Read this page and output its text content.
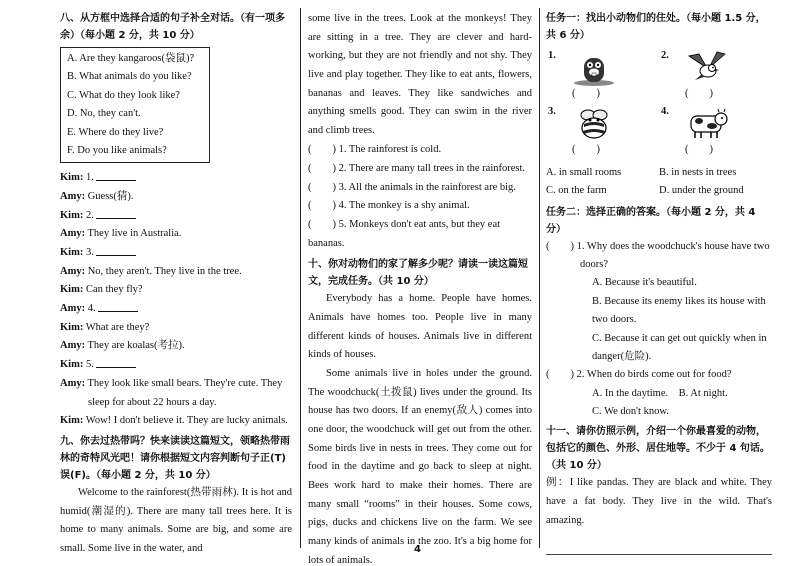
八、从方框中选择合适的句子补全对话。（有一项多余）（每小题 2 分，共 10 分）

A. Are they kangaroos(袋鼠)?

B. What animals do you like?

C. What do they look like?

D. No, they can't.

E. Where do they live?

F. Do you like animals?

Kim: 1.

Amy: Guess(猜).

Kim: 2.

Amy: They live in Australia.

Kim: 3.

Amy: No, they aren't. They live in the tree.

Kim: Can they fly?

Amy: 4.

Kim: What are they?

Amy: They are koalas(考拉).

Kim: 5.

Amy: They look like small bears. They're cute. They sleep for about 22 hours a day.

Kim: Wow! I don't believe it. They are lucky animals.

九、你去过热带吗？快来读读这篇短文，领略热带雨林的奇特风光吧！请你根据短文内容判断句子正(T)误(F)。（每小题 2 分，共 10 分）

Welcome to the rainforest(热带雨林). It is hot and humid(潮湿的). There are many tall trees here. It is home to many animals. Some are big, and some are small. Some live in the water, and

some live in the trees. Look at the monkeys! They are sitting in a tree. They are clever and hard-working, but they are not friendly and not shy. They live and play together. They like to eat ants, flowers, bananas and leaves. They like sandwiches and anything smells good. They can swim in the river and climb trees.

(　　) 1. The rainforest is cold.

(　　) 2. There are many tall trees in the rainforest.

(　　) 3. All the animals in the rainforest are big.

(　　) 4. The monkey is a shy animal.

(　　) 5. Monkeys don't eat ants, but they eat bananas.

十、你对动物们的家了解多少呢？请读一读这篇短文，完成任务。（共 10 分）

Everybody has a home. People have homes. Animals have homes too. People live in many different kinds of houses. Animals live in different kinds of houses.

Some animals live in holes under the ground. The woodchuck(土拨鼠) lives under the ground. Its house has two doors. If an enemy(敌人) comes into one door, the woodchuck will get out from the other. Some birds live in nests in trees. They come out for food in the daytime and go back to sleep at night. Bees work hard to make their homes. There are many small “rooms” in their houses. Some cows, pigs, ducks and chickens live on the farm. We see many kinds of animals in the zoo. It's a big home for lots of animals.

任务一：找出小动物们的住处。（每小题 1.5 分，共 6 分）

1.
(　　)
2.
(　　)
3.
(　　)
4.
(　　)
A. in small rooms	B. in nests in trees
C. on the farm	D. under the ground

任务二：选择正确的答案。（每小题 2 分，共 4 分）

(　　) 1. Why does the woodchuck's house have two doors?

A. Because it's beautiful.

B. Because its enemy likes its house with two doors.

C. Because it can get out quickly when in danger(危险).

(　　) 2. When do birds come out for food?

A. In the daytime.　B. At night.

C. We don't know.

十一、请你仿照示例，介绍一个你最喜爱的动物，包括它的颜色、外形、居住地等。不少于 4 句话。（共 10 分）

例：I like pandas. They are black and white. They have a fat body. They live in the wild. That's amazing.

4
